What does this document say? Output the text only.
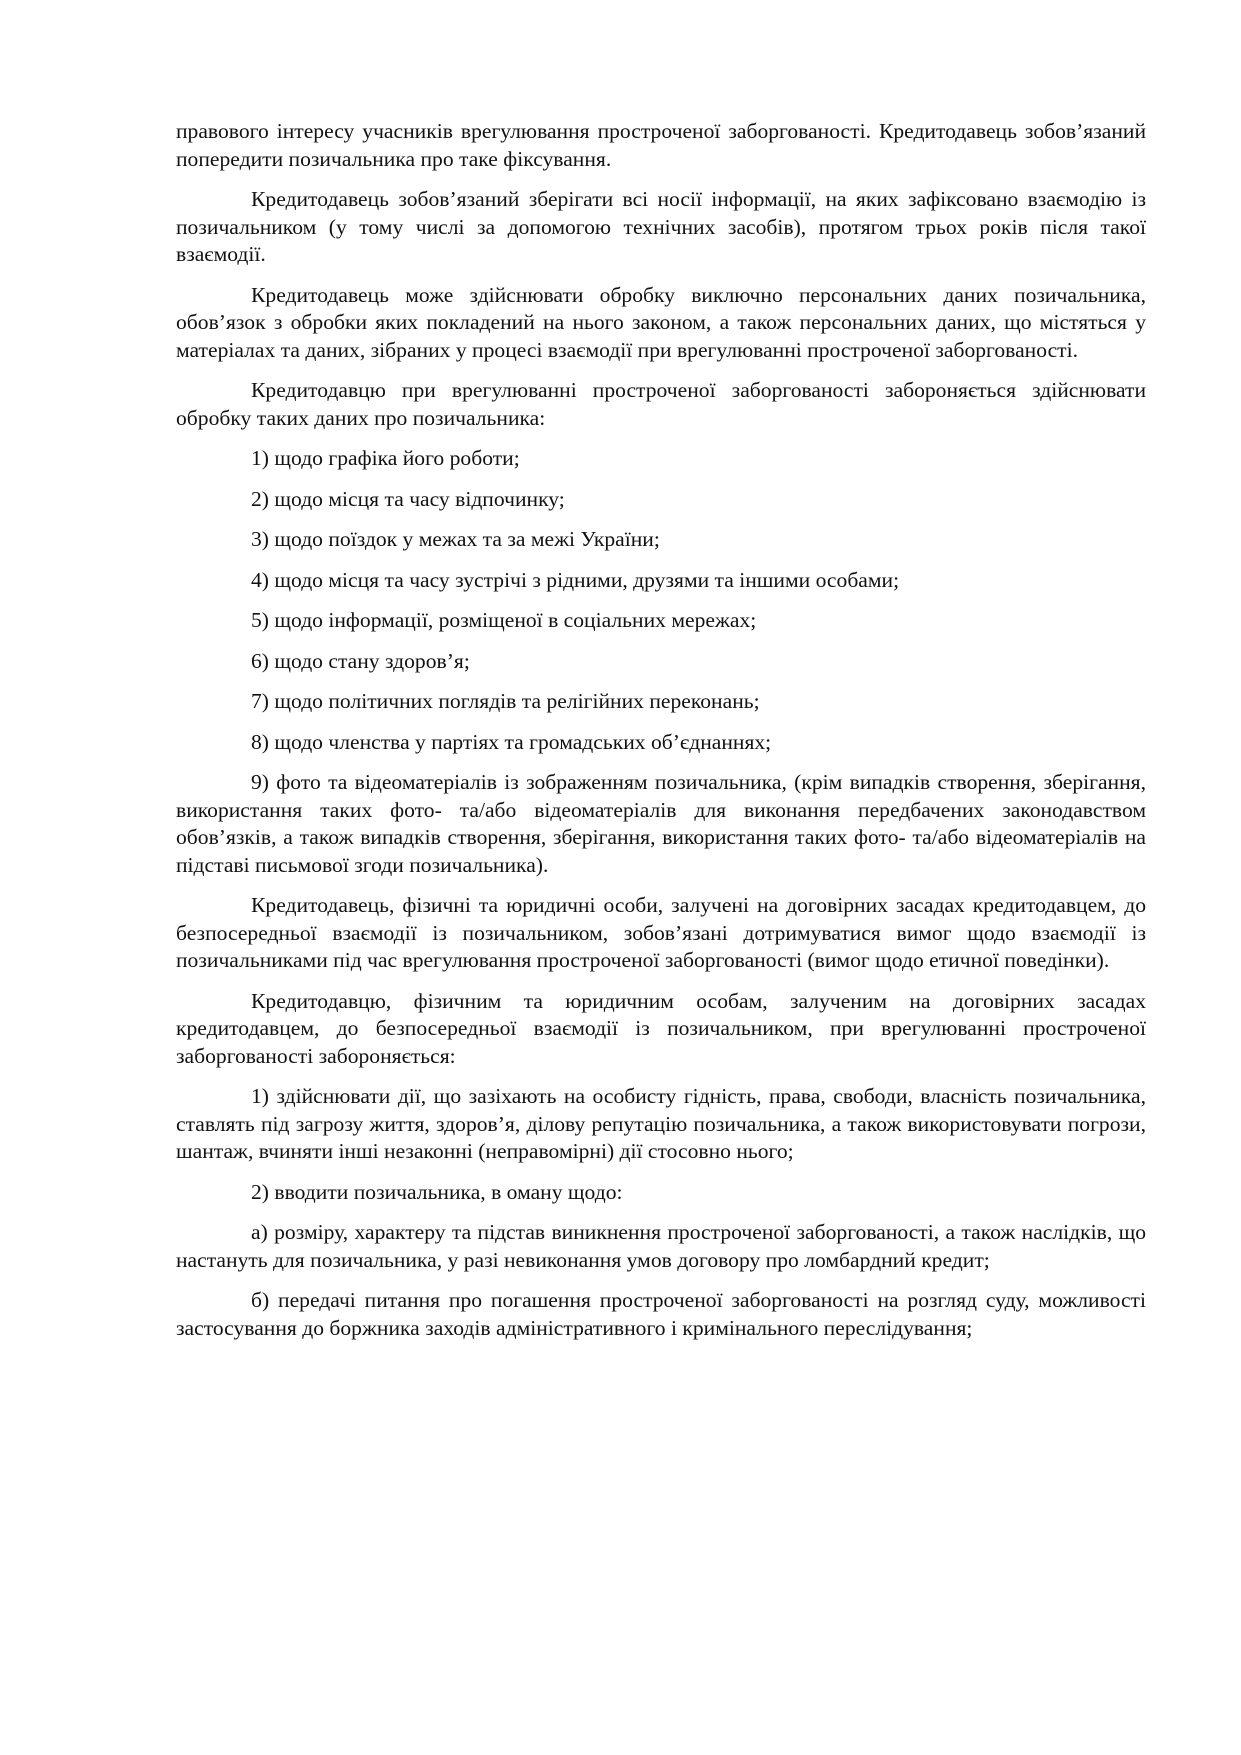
правового інтересу учасників врегулювання простроченої заборгованості. Кредитодавець зобов’язаний попередити позичальника про таке фіксування.

Кредитодавець зобов’язаний зберігати всі носії інформації, на яких зафіксовано взаємодію із позичальником (у тому числі за допомогою технічних засобів), протягом трьох років після такої взаємодії.

Кредитодавець може здійснювати обробку виключно персональних даних позичальника, обов’язок з обробки яких покладений на нього законом, а також персональних даних, що містяться у матеріалах та даних, зібраних у процесі взаємодії при врегулюванні простроченої заборгованості.

Кредитодавцю при врегулюванні простроченої заборгованості забороняється здійснювати обробку таких даних про позичальника:

1) щодо графіка його роботи;

2) щодо місця та часу відпочинку;

3) щодо поїздок у межах та за межі України;

4) щодо місця та часу зустрічі з рідними, друзями та іншими особами;

5) щодо інформації, розміщеної в соціальних мережах;

6) щодо стану здоров’я;

7) щодо політичних поглядів та релігійних переконань;

8) щодо членства у партіях та громадських об’єднаннях;

9) фото та відеоматеріалів із зображенням позичальника, (крім випадків створення, зберігання, використання таких фото- та/або відеоматеріалів для виконання передбачених законодавством обов’язків, а також випадків створення, зберігання, використання таких фото- та/або відеоматеріалів на підставі письмової згоди позичальника).

Кредитодавець, фізичні та юридичні особи, залучені на договірних засадах кредитодавцем, до безпосередньої взаємодії із позичальником, зобов’язані дотримуватися вимог щодо взаємодії із позичальниками під час врегулювання простроченої заборгованості (вимог щодо етичної поведінки).

Кредитодавцю, фізичним та юридичним особам, залученим на договірних засадах кредитодавцем, до безпосередньої взаємодії із позичальником, при врегулюванні простроченої заборгованості забороняється:

1) здійснювати дії, що зазіхають на особисту гідність, права, свободи, власність позичальника, ставлять під загрозу життя, здоров’я, ділову репутацію позичальника, а також використовувати погрози, шантаж, вчиняти інші незаконні (неправомірні) дії стосовно нього;

2) вводити позичальника, в оману щодо:

а) розміру, характеру та підстав виникнення простроченої заборгованості, а також наслідків, що настануть для позичальника, у разі невиконання умов договору про ломбардний кредит;

б) передачі питання про погашення простроченої заборгованості на розгляд суду, можливості застосування до боржника заходів адміністративного і кримінального переслідування;
